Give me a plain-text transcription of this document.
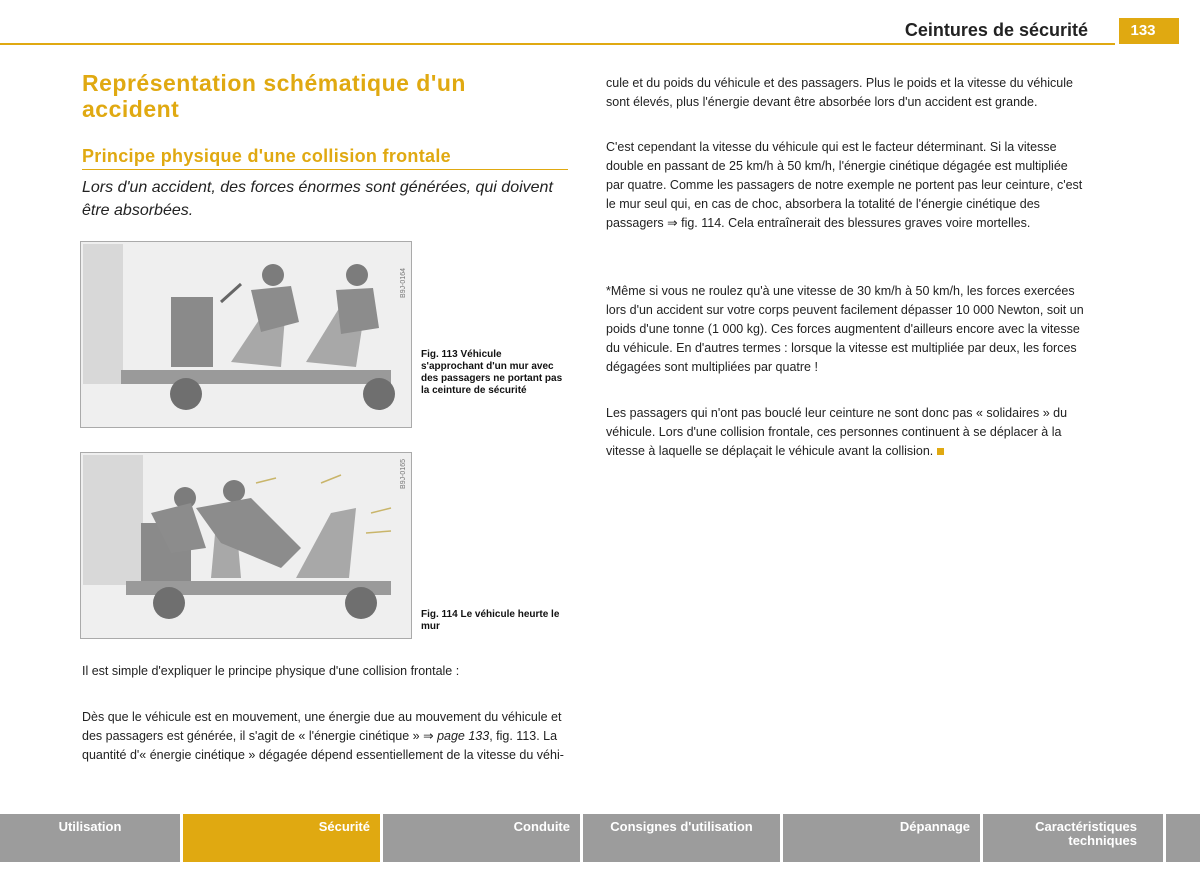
Ceintures de sécurité	133
Représentation schématique d'un accident
Principe physique d'une collision frontale

Lors d'un accident, des forces énormes sont générées, qui doivent être absorbées.

B9J-0164
Fig. 113 Véhicule s'approchant d'un mur avec des passagers ne portant pas la ceinture de sécurité
B9J-0165
Fig. 114 Le véhicule heurte le mur

Il est simple d'expliquer le principe physique d'une collision frontale :

Dès que le véhicule est en mouvement, une énergie due au mouvement du véhicule et des passagers est générée, il s'agit de « l'énergie cinétique » ⇒ page 133, fig. 113. La quantité d'« énergie cinétique » dégagée dépend essentiellement de la vitesse du véhi-

cule et du poids du véhicule et des passagers. Plus le poids et la vitesse du véhicule sont élevés, plus l'énergie devant être absorbée lors d'un accident est grande.

C'est cependant la vitesse du véhicule qui est le facteur déterminant. Si la vitesse double en passant de 25 km/h à 50 km/h, l'énergie cinétique dégagée est multipliée par quatre. Comme les passagers de notre exemple ne portent pas leur ceinture, c'est le mur seul qui, en cas de choc, absorbera la totalité de l'énergie cinétique des passagers ⇒ fig. 114. Cela entraînerait des blessures graves voire mortelles.

*Même si vous ne roulez qu'à une vitesse de 30 km/h à 50 km/h, les forces exercées lors d'un accident sur votre corps peuvent facilement dépasser 10 000 Newton, soit un poids d'une tonne (1 000 kg). Ces forces augmentent d'ailleurs encore avec la vitesse du véhicule. En d'autres termes : lorsque la vitesse est multipliée par deux, les forces dégagées sont multipliées par quatre !

Les passagers qui n'ont pas bouclé leur ceinture ne sont donc pas « solidaires » du véhicule. Lors d'une collision frontale, ces personnes continuent à se déplacer à la vitesse à laquelle se déplaçait le véhicule avant la collision.

Utilisation	Sécurité	Conduite	Consignes d'utilisation	Dépannage	Caractéristiques techniques
